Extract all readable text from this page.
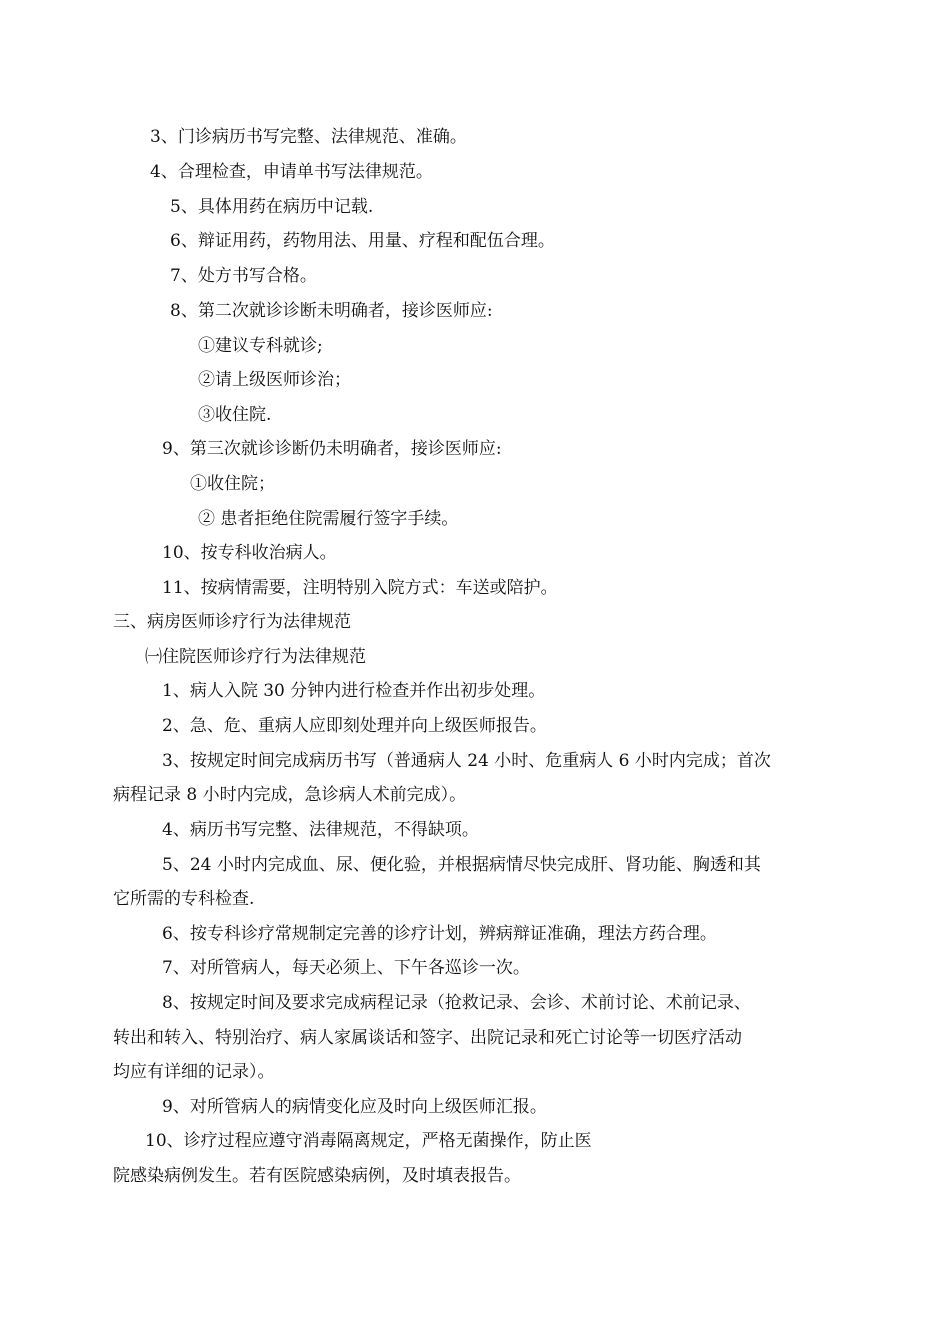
3、门诊病历书写完整、法律规范、准确。
4、合理检查，申请单书写法律规范。
5、具体用药在病历中记载.
6、辩证用药，药物用法、用量、疗程和配伍合理。
7、处方书写合格。
8、第二次就诊诊断未明确者，接诊医师应:
①建议专科就诊;
②请上级医师诊治；
③收住院.
9、第三次就诊诊断仍未明确者，接诊医师应:
①收住院；
② 患者拒绝住院需履行签字手续。
10、按专科收治病人。
11、按病情需要，注明特别入院方式：车送或陪护。
三、病房医师诊疗行为法律规范
㈠住院医师诊疗行为法律规范
1、病人入院 30 分钟内进行检查并作出初步处理。
2、急、危、重病人应即刻处理并向上级医师报告。
3、按规定时间完成病历书写（普通病人 24 小时、危重病人 6 小时内完成；首次
病程记录 8 小时内完成，急诊病人术前完成）。
4、病历书写完整、法律规范，不得缺项。
5、24 小时内完成血、尿、便化验，并根据病情尽快完成肝、肾功能、胸透和其
它所需的专科检查.
6、按专科诊疗常规制定完善的诊疗计划，辨病辩证准确，理法方药合理。
7、对所管病人，每天必须上、下午各巡诊一次。
8、按规定时间及要求完成病程记录（抢救记录、会诊、术前讨论、术前记录、
转出和转入、特别治疗、病人家属谈话和签字、出院记录和死亡讨论等一切医疗活动
均应有详细的记录）。
9、对所管病人的病情变化应及时向上级医师汇报。
10、诊疗过程应遵守消毒隔离规定，严格无菌操作，防止医
院感染病例发生。若有医院感染病例，及时填表报告。
